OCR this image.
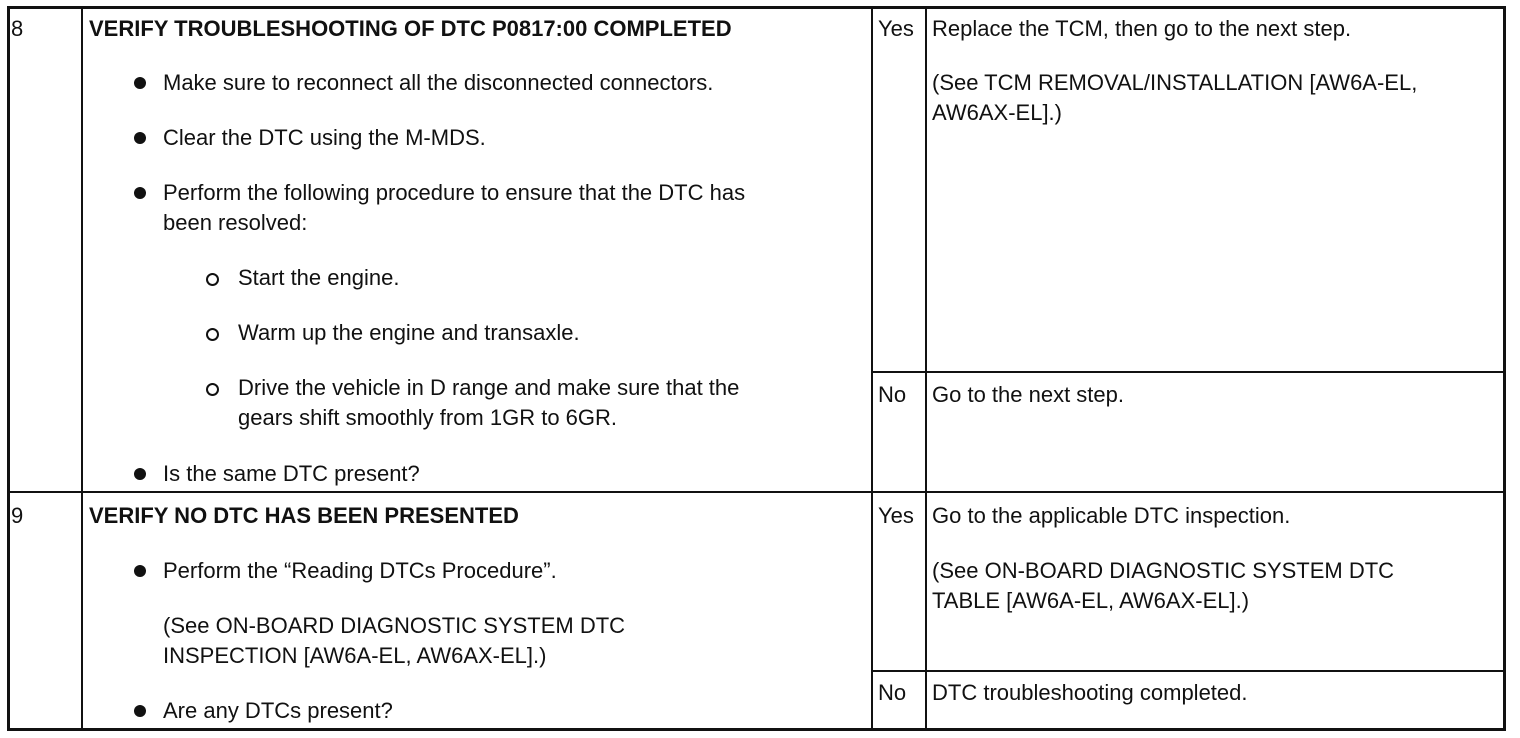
8	VERIFY TROUBLESHOOTING OF DTC P0817:00 COMPLETED
Make sure to reconnect all the disconnected connectors.
Clear the DTC using the M-MDS.
Perform the following procedure to ensure that the DTC has
been resolved:
Start the engine.
Warm up the engine and transaxle.
Drive the vehicle in D range and make sure that the
gears shift smoothly from 1GR to 6GR.
Is the same DTC present?
Yes Replace the TCM, then go to the next step.
(See TCM REMOVAL/INSTALLATION [AW6A-EL,
AW6AX-EL].)
No Go to the next step.
9	VERIFY NO DTC HAS BEEN PRESENTED
Perform the “Reading DTCs Procedure”.
(See ON-BOARD DIAGNOSTIC SYSTEM DTC
INSPECTION [AW6A-EL, AW6AX-EL].)
Are any DTCs present?
Yes Go to the applicable DTC inspection.
(See ON-BOARD DIAGNOSTIC SYSTEM DTC
TABLE [AW6A-EL, AW6AX-EL].)
No DTC troubleshooting completed.
